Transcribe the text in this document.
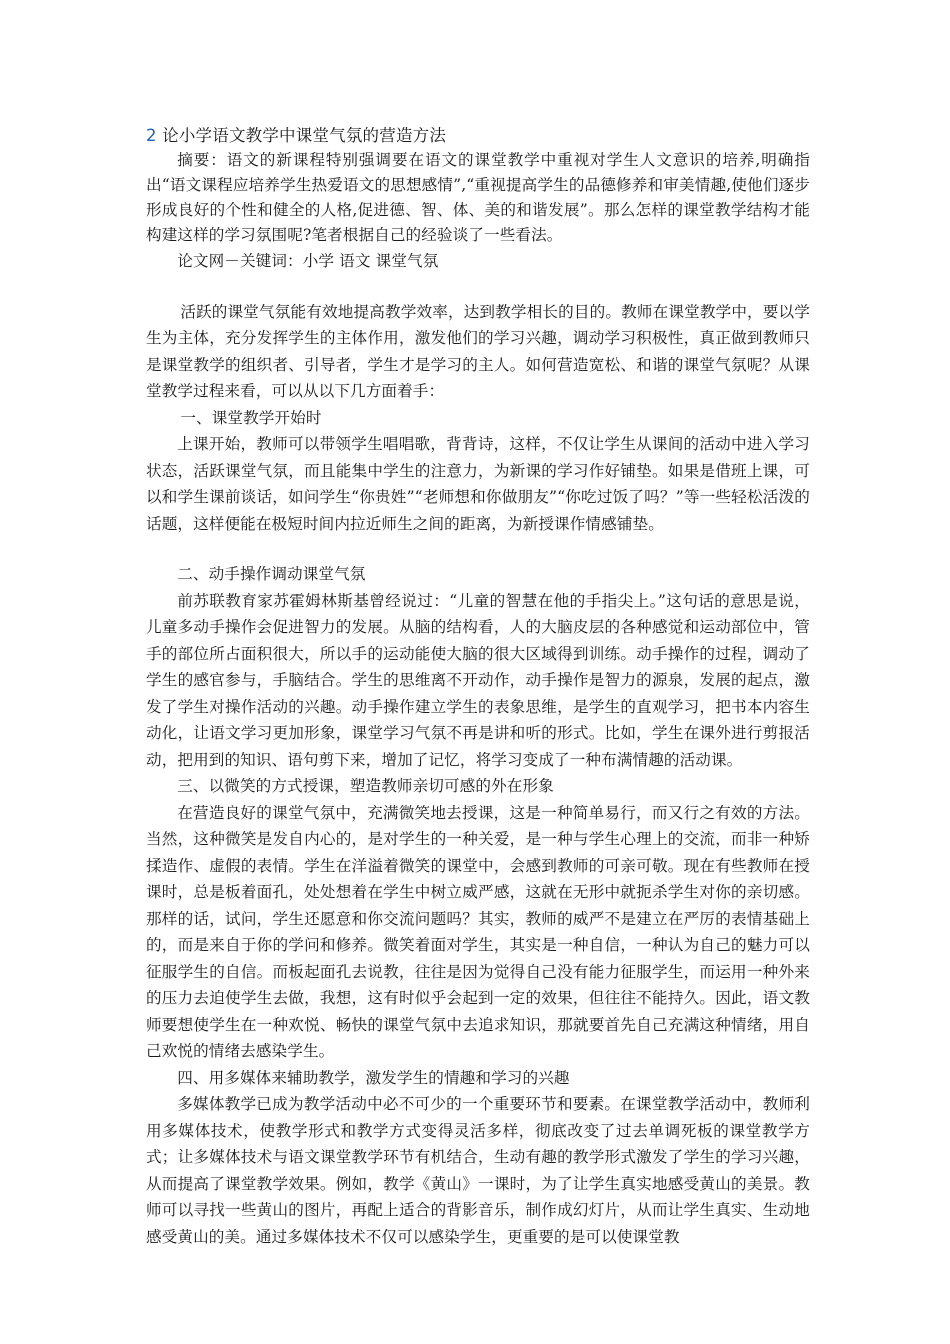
2 论小学语文教学中课堂气氛的营造方法

摘要：语文的新课程特别强调要在语文的课堂教学中重视对学生人文意识的培养,明确指出“语文课程应培养学生热爱语文的思想感情”,“重视提高学生的品德修养和审美情趣,使他们逐步形成良好的个性和健全的人格,促进德、智、体、美的和谐发展”。那么怎样的课堂教学结构才能构建这样的学习氛围呢?笔者根据自己的经验谈了一些看法。

论文网－关键词：小学 语文 课堂气氛

活跃的课堂气氛能有效地提高教学效率，达到教学相长的目的。教师在课堂教学中，要以学生为主体，充分发挥学生的主体作用，激发他们的学习兴趣，调动学习积极性，真正做到教师只是课堂教学的组织者、引导者，学生才是学习的主人。如何营造宽松、和谐的课堂气氛呢？从课堂教学过程来看，可以从以下几方面着手：

一、课堂教学开始时

上课开始，教师可以带领学生唱唱歌，背背诗，这样，不仅让学生从课间的活动中进入学习状态，活跃课堂气氛，而且能集中学生的注意力，为新课的学习作好铺垫。如果是借班上课，可以和学生课前谈话，如问学生“你贵姓”“老师想和你做朋友”“你吃过饭了吗？”等一些轻松活泼的话题，这样便能在极短时间内拉近师生之间的距离，为新授课作情感铺垫。

二、动手操作调动课堂气氛

前苏联教育家苏霍姆林斯基曾经说过：“儿童的智慧在他的手指尖上。”这句话的意思是说，儿童多动手操作会促进智力的发展。从脑的结构看，人的大脑皮层的各种感觉和运动部位中，管手的部位所占面积很大，所以手的运动能使大脑的很大区域得到训练。动手操作的过程，调动了学生的感官参与，手脑结合。学生的思维离不开动作，动手操作是智力的源泉，发展的起点，激发了学生对操作活动的兴趣。动手操作建立学生的表象思维，是学生的直观学习，把书本内容生动化，让语文学习更加形象，课堂学习气氛不再是讲和听的形式。比如，学生在课外进行剪报活动，把用到的知识、语句剪下来，增加了记忆，将学习变成了一种布满情趣的活动课。

三、以微笑的方式授课，塑造教师亲切可感的外在形象

在营造良好的课堂气氛中，充满微笑地去授课，这是一种简单易行，而又行之有效的方法。当然，这种微笑是发自内心的，是对学生的一种关爱，是一种与学生心理上的交流，而非一种矫揉造作、虚假的表情。学生在洋溢着微笑的课堂中，会感到教师的可亲可敬。现在有些教师在授课时，总是板着面孔，处处想着在学生中树立威严感，这就在无形中就扼杀学生对你的亲切感。那样的话，试问，学生还愿意和你交流问题吗？其实，教师的威严不是建立在严厉的表情基础上的，而是来自于你的学问和修养。微笑着面对学生，其实是一种自信，一种认为自己的魅力可以征服学生的自信。而板起面孔去说教，往往是因为觉得自己没有能力征服学生，而运用一种外来的压力去迫使学生去做，我想，这有时似乎会起到一定的效果，但往往不能持久。因此，语文教师要想使学生在一种欢悦、畅快的课堂气氛中去追求知识，那就要首先自己充满这种情绪，用自己欢悦的情绪去感染学生。

四、用多媒体来辅助教学，激发学生的情趣和学习的兴趣

多媒体教学已成为教学活动中必不可少的一个重要环节和要素。在课堂教学活动中，教师利用多媒体技术，使教学形式和教学方式变得灵活多样，彻底改变了过去单调死板的课堂教学方式；让多媒体技术与语文课堂教学环节有机结合，生动有趣的教学形式激发了学生的学习兴趣，从而提高了课堂教学效果。例如，教学《黄山》一课时，为了让学生真实地感受黄山的美景。教师可以寻找一些黄山的图片，再配上适合的背影音乐，制作成幻灯片，从而让学生真实、生动地感受黄山的美。通过多媒体技术不仅可以感染学生，更重要的是可以使课堂教
